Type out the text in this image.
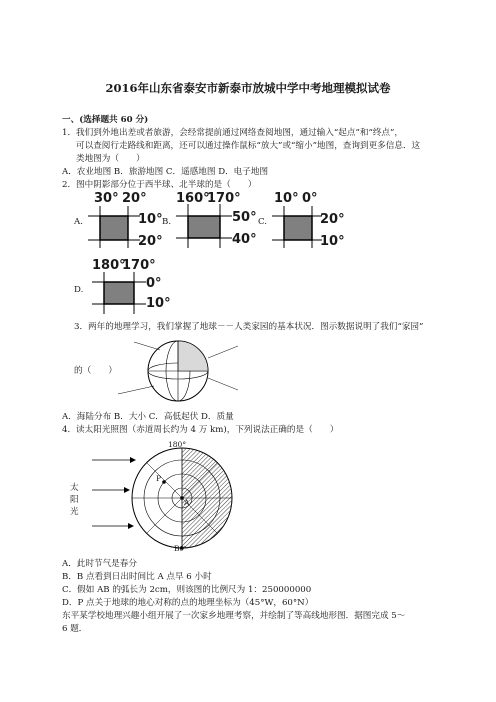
2016年山东省泰安市新泰市放城中学中考地理模拟试卷
一、(选择题共 60 分)
1．我们到外地出差或者旅游，会经常提前通过网络查阅地图，通过输入“起点”和“终点”，
可以查阅行走路线和距离，还可以通过操作鼠标“放大”或“缩小”地图，查询到更多信息．这
类地图为（　　）
A．农业地图 B．旅游地图 C．遥感地图 D．电子地图
2．图中阴影部分位于西半球、北半球的是（　　）
A.
30° 20°
10°
20°
B.
160°
170°
50°
40°
C.
10° 0°
20°
10°
D.
180°
170°
0°
10°
3．两年的地理学习，我们掌握了地球－－人类家园的基本状况．图示数据说明了我们“家园”
的（　　）
A．海陆分布 B．大小 C．高低起伏 D．质量
4．读太阳光照图（赤道周长约为 4 万 km)，下列说法正确的是（　　）
太
阳
光
180°
P
A
B0°
A．此时节气是春分
B．B 点看到日出时间比 A 点早 6 小时
C．假如 AB 的弧长为 2cm，则该图的比例尺为 1：250000000
D．P 点关于地球的地心对称的点的地理坐标为（45°W，60°N）
东平某学校地理兴趣小组开展了一次家乡地理考察，并绘制了等高线地形图．据图完成 5～
6 题．
